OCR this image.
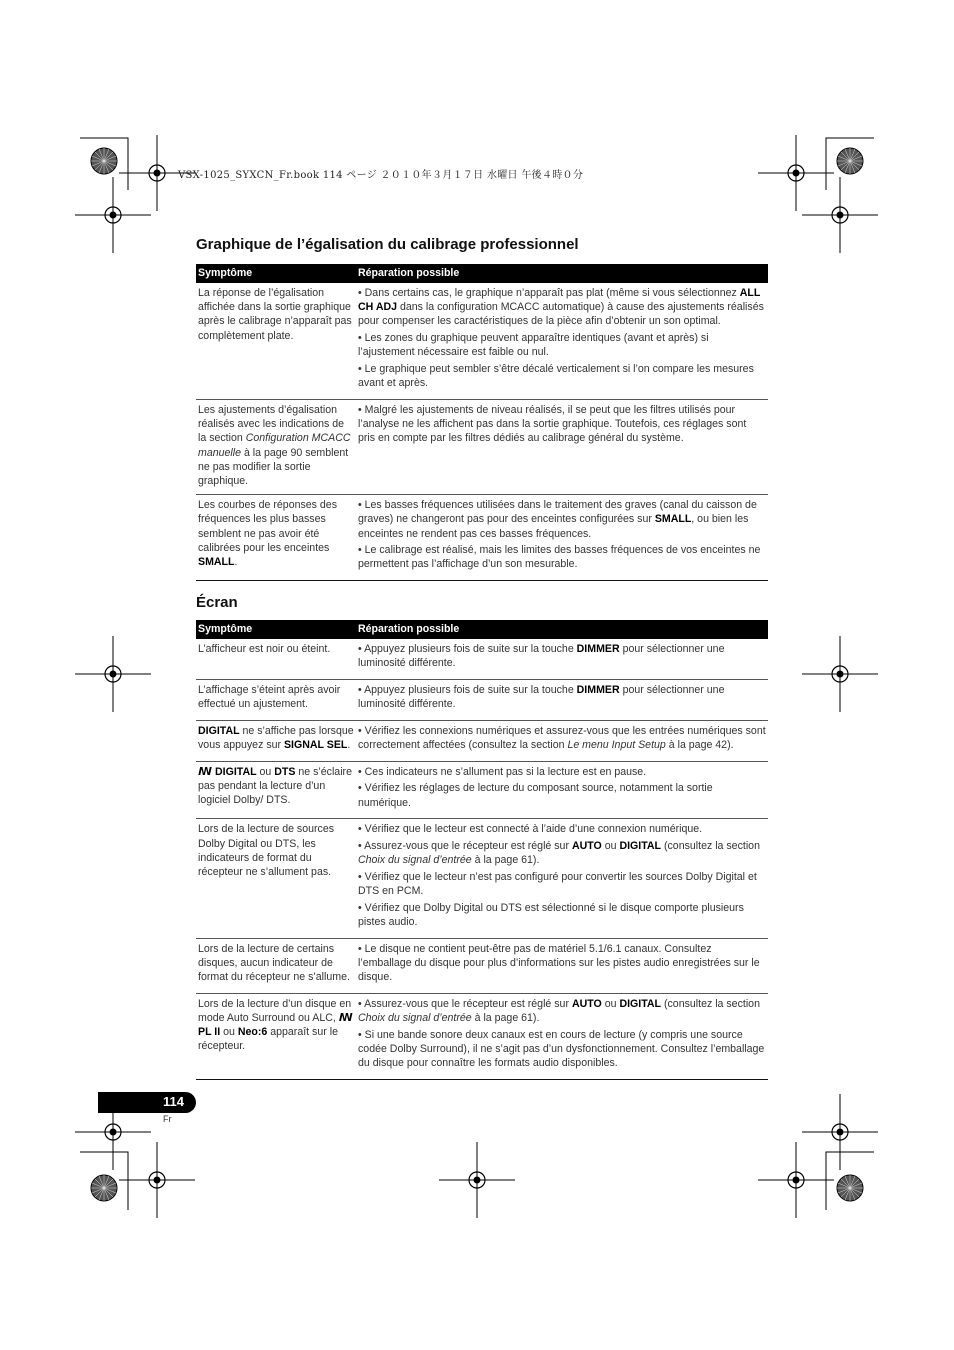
VSX-1025_SYXCN_Fr.book 114 ページ ２０１０年３月１７日 水曜日 午後４時０分
Graphique de l’égalisation du calibrage professionnel
Symptôme	Réparation possible
La réponse de l’égalisation affichée dans la sortie graphique après le calibrage n’apparaît pas complètement plate.	• Dans certains cas, le graphique n’apparaît pas plat (même si vous sélectionnez ALL CH ADJ dans la configuration MCACC automatique) à cause des ajustements réalisés pour compenser les caractéristiques de la pièce afin d’obtenir un son optimal.

• Les zones du graphique peuvent apparaître identiques (avant et après) si l’ajustement nécessaire est faible ou nul.

• Le graphique peut sembler s’être décalé verticalement si l’on compare les mesures avant et après.

Les ajustements d’égalisation réalisés avec les indications de la section Configuration MCACC manuelle à la page 90 semblent ne pas modifier la sortie graphique.	• Malgré les ajustements de niveau réalisés, il se peut que les filtres utilisés pour l’analyse ne les affichent pas dans la sortie graphique. Toutefois, ces réglages sont pris en compte par les filtres dédiés au calibrage général du système.

Les courbes de réponses des fréquences les plus basses semblent ne pas avoir été calibrées pour les enceintes SMALL.	• Les basses fréquences utilisées dans le traitement des graves (canal du caisson de graves) ne changeront pas pour des enceintes configurées sur SMALL, ou bien les enceintes ne rendent pas ces basses fréquences.

• Le calibrage est réalisé, mais les limites des basses fréquences de vos enceintes ne permettent pas l’affichage d’un son mesurable.

Écran
Symptôme	Réparation possible
L’afficheur est noir ou éteint.	• Appuyez plusieurs fois de suite sur la touche DIMMER pour sélectionner une luminosité différente.

L’affichage s’éteint après avoir effectué un ajustement.	• Appuyez plusieurs fois de suite sur la touche DIMMER pour sélectionner une luminosité différente.

DIGITAL ne s’affiche pas lorsque vous appuyez sur SIGNAL SEL.	• Vérifiez les connexions numériques et assurez-vous que les entrées numériques sont correctement affectées (consultez la section Le menu Input Setup à la page 42).

ꟿ DIGITAL ou DTS ne s’éclaire pas pendant la lecture d’un logiciel Dolby/ DTS.	• Ces indicateurs ne s’allument pas si la lecture est en pause.

• Vérifiez les réglages de lecture du composant source, notamment la sortie numérique.

Lors de la lecture de sources Dolby Digital ou DTS, les indicateurs de format du récepteur ne s’allument pas.	• Vérifiez que le lecteur est connecté à l’aide d’une connexion numérique.

• Assurez-vous que le récepteur est réglé sur AUTO ou DIGITAL (consultez la section Choix du signal d’entrée à la page 61).

• Vérifiez que le lecteur n’est pas configuré pour convertir les sources Dolby Digital et DTS en PCM.

• Vérifiez que Dolby Digital ou DTS est sélectionné si le disque comporte plusieurs pistes audio.

Lors de la lecture de certains disques, aucun indicateur de format du récepteur ne s’allume.	• Le disque ne contient peut-être pas de matériel 5.1/6.1 canaux. Consultez l’emballage du disque pour plus d’informations sur les pistes audio enregistrées sur le disque.

Lors de la lecture d’un disque en mode Auto Surround ou ALC, ꟿ PL II ou Neo:6 apparaît sur le récepteur.	• Assurez-vous que le récepteur est réglé sur AUTO ou DIGITAL (consultez la section Choix du signal d’entrée à la page 61).

• Si une bande sonore deux canaux est en cours de lecture (y compris une source codée Dolby Surround), il ne s’agit pas d’un dysfonctionnement. Consultez l’emballage du disque pour connaître les formats audio disponibles.

114
Fr
